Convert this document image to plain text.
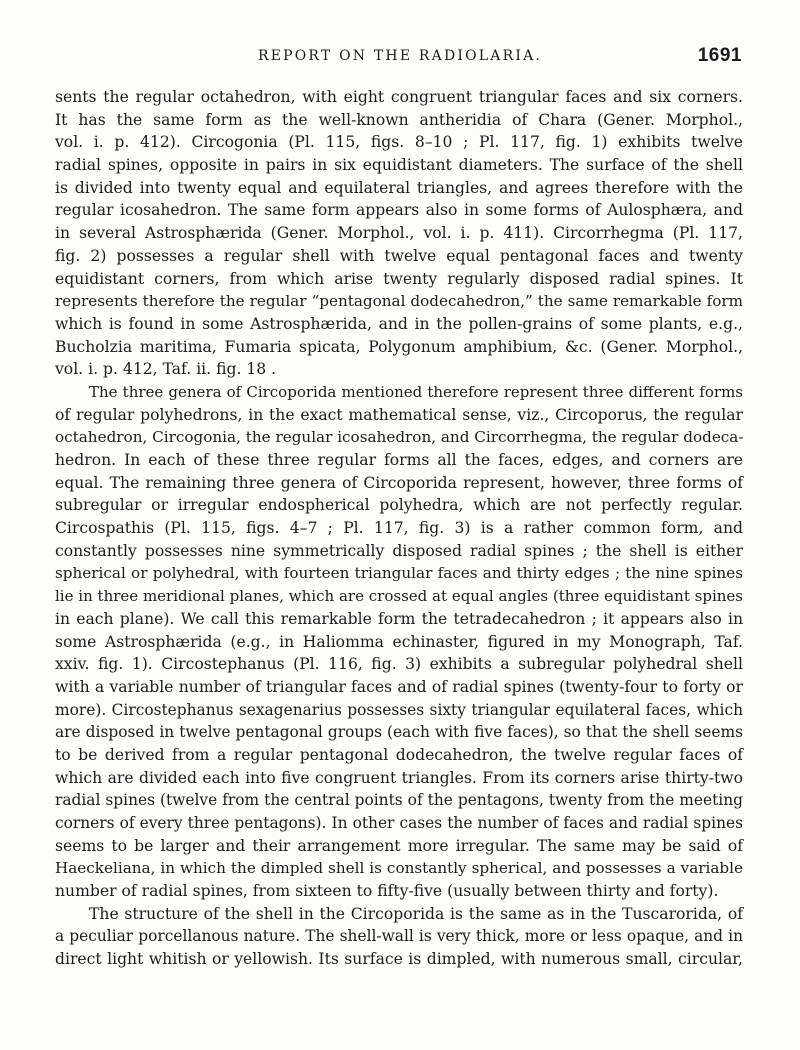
REPORT ON THE RADIOLARIA.	1691
sents the regular octahedron, with eight congruent triangular faces and six corners.
It has the same form as the well-known antheridia of Chara (Gener. Morphol.,
vol. i. p. 412). Circogonia (Pl. 115, figs. 8–10 ; Pl. 117, fig. 1) exhibits twelve
radial spines, opposite in pairs in six equidistant diameters. The surface of the shell
is divided into twenty equal and equilateral triangles, and agrees therefore with the
regular icosahedron. The same form appears also in some forms of Aulosphæra, and
in several Astrosphærida (Gener. Morphol., vol. i. p. 411). Circorrhegma (Pl. 117,
fig. 2) possesses a regular shell with twelve equal pentagonal faces and twenty
equidistant corners, from which arise twenty regularly disposed radial spines. It
represents therefore the regular “pentagonal dodecahedron,” the same remarkable form
which is found in some Astrosphærida, and in the pollen-grains of some plants, e.g.,
Bucholzia maritima, Fumaria spicata, Polygonum amphibium, &c. (Gener. Morphol.,
vol. i. p. 412, Taf. ii. fig. 18 .
The three genera of Circoporida mentioned therefore represent three different forms
of regular polyhedrons, in the exact mathematical sense, viz., Circoporus, the regular
octahedron, Circogonia, the regular icosahedron, and Circorrhegma, the regular dodeca-
hedron. In each of these three regular forms all the faces, edges, and corners are
equal. The remaining three genera of Circoporida represent, however, three forms of
subregular or irregular endospherical polyhedra, which are not perfectly regular.
Circospathis (Pl. 115, figs. 4–7 ; Pl. 117, fig. 3) is a rather common form, and
constantly possesses nine symmetrically disposed radial spines ; the shell is either
spherical or polyhedral, with fourteen triangular faces and thirty edges ; the nine spines
lie in three meridional planes, which are crossed at equal angles (three equidistant spines
in each plane). We call this remarkable form the tetradecahedron ; it appears also in
some Astrosphærida (e.g., in Haliomma echinaster, figured in my Monograph, Taf.
xxiv. fig. 1). Circostephanus (Pl. 116, fig. 3) exhibits a subregular polyhedral shell
with a variable number of triangular faces and of radial spines (twenty-four to forty or
more). Circostephanus sexagenarius possesses sixty triangular equilateral faces, which
are disposed in twelve pentagonal groups (each with five faces), so that the shell seems
to be derived from a regular pentagonal dodecahedron, the twelve regular faces of
which are divided each into five congruent triangles. From its corners arise thirty-two
radial spines (twelve from the central points of the pentagons, twenty from the meeting
corners of every three pentagons). In other cases the number of faces and radial spines
seems to be larger and their arrangement more irregular. The same may be said of
Haeckeliana, in which the dimpled shell is constantly spherical, and possesses a variable
number of radial spines, from sixteen to fifty-five (usually between thirty and forty).
The structure of the shell in the Circoporida is the same as in the Tuscarorida, of
a peculiar porcellanous nature. The shell-wall is very thick, more or less opaque, and in
direct light whitish or yellowish. Its surface is dimpled, with numerous small, circular,
